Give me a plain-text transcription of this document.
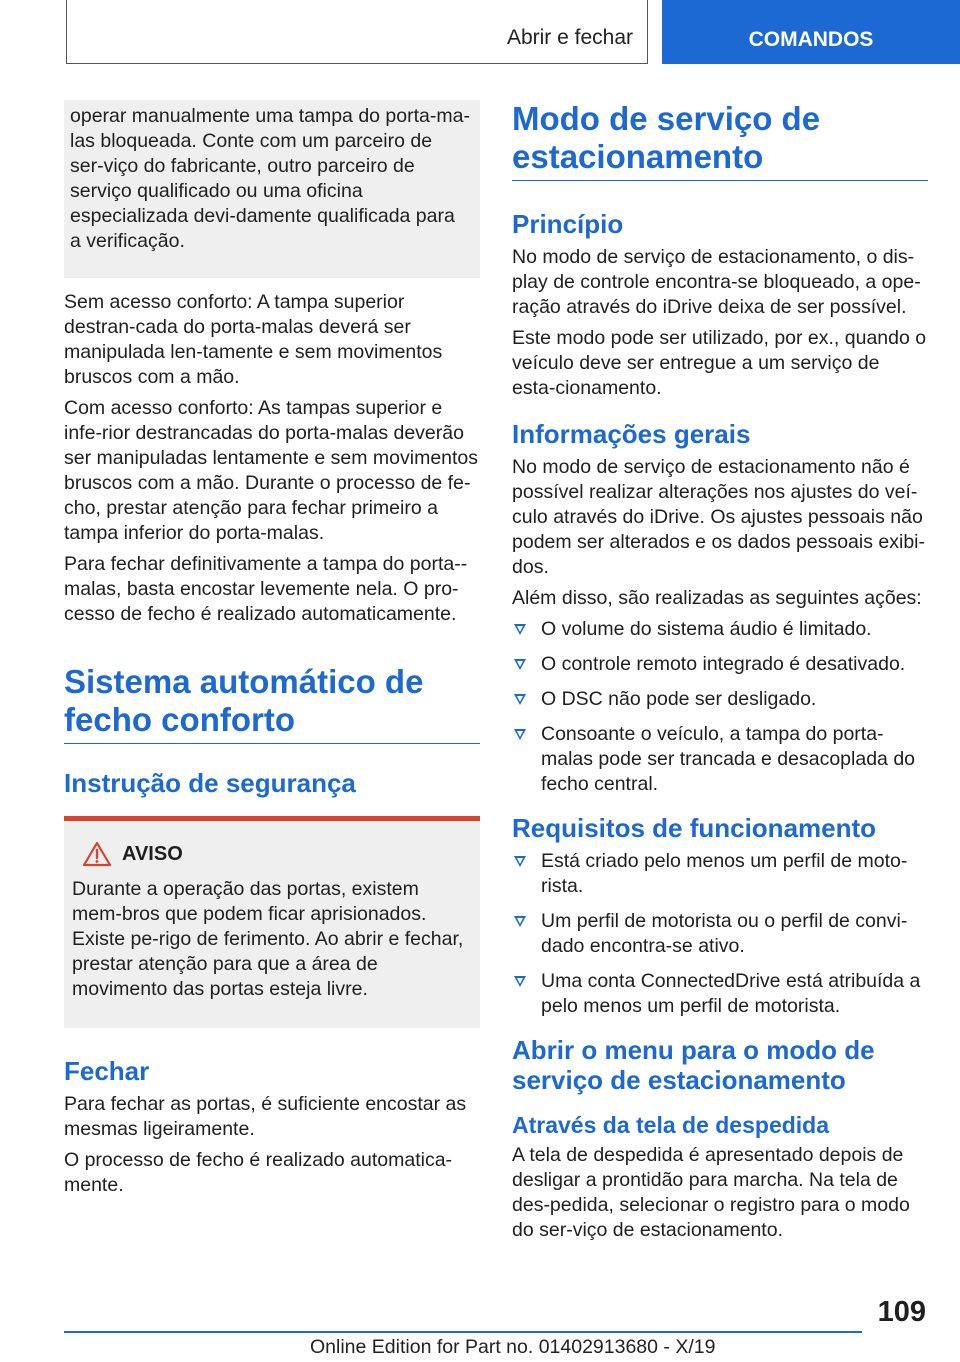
Abrir e fechar	COMANDOS

operar manualmente uma tampa do porta-ma-las bloqueada. Conte com um parceiro de ser-viço do fabricante, outro parceiro de serviço qualificado ou uma oficina especializada devi-damente qualificada para a verificação.

Sem acesso conforto: A tampa superior destran-cada do porta-malas deverá ser manipulada len-tamente e sem movimentos bruscos com a mão.

Com acesso conforto: As tampas superior e infe-rior destrancadas do porta-malas deverão ser manipuladas lentamente e sem movimentos bruscos com a mão. Durante o processo de fe-cho, prestar atenção para fechar primeiro a tampa inferior do porta-malas.

Para fechar definitivamente a tampa do porta--malas, basta encostar levemente nela. O pro-cesso de fecho é realizado automaticamente.

Sistema automático de fecho conforto
Instrução de segurança
AVISO

Durante a operação das portas, existem mem-bros que podem ficar aprisionados. Existe pe-rigo de ferimento. Ao abrir e fechar, prestar atenção para que a área de movimento das portas esteja livre.

Fechar

Para fechar as portas, é suficiente encostar as mesmas ligeiramente.

O processo de fecho é realizado automatica-mente.

Modo de serviço de estacionamento
Princípio

No modo de serviço de estacionamento, o dis-play de controle encontra-se bloqueado, a ope-ração através do iDrive deixa de ser possível.

Este modo pode ser utilizado, por ex., quando o veículo deve ser entregue a um serviço de esta-cionamento.

Informações gerais

No modo de serviço de estacionamento não é possível realizar alterações nos ajustes do veí-culo através do iDrive. Os ajustes pessoais não podem ser alterados e os dados pessoais exibi-dos.

Além disso, são realizadas as seguintes ações:

O volume do sistema áudio é limitado.
O controle remoto integrado é desativado.
O DSC não pode ser desligado.
Consoante o veículo, a tampa do porta-malas pode ser trancada e desacoplada do fecho central.
Requisitos de funcionamento
Está criado pelo menos um perfil de moto-rista.
Um perfil de motorista ou o perfil de convi-dado encontra-se ativo.
Uma conta ConnectedDrive está atribuída a pelo menos um perfil de motorista.
Abrir o menu para o modo de serviço de estacionamento
Através da tela de despedida

A tela de despedida é apresentado depois de desligar a prontidão para marcha. Na tela de des-pedida, selecionar o registro para o modo do ser-viço de estacionamento.

109
Online Edition for Part no. 01402913680 - X/19
